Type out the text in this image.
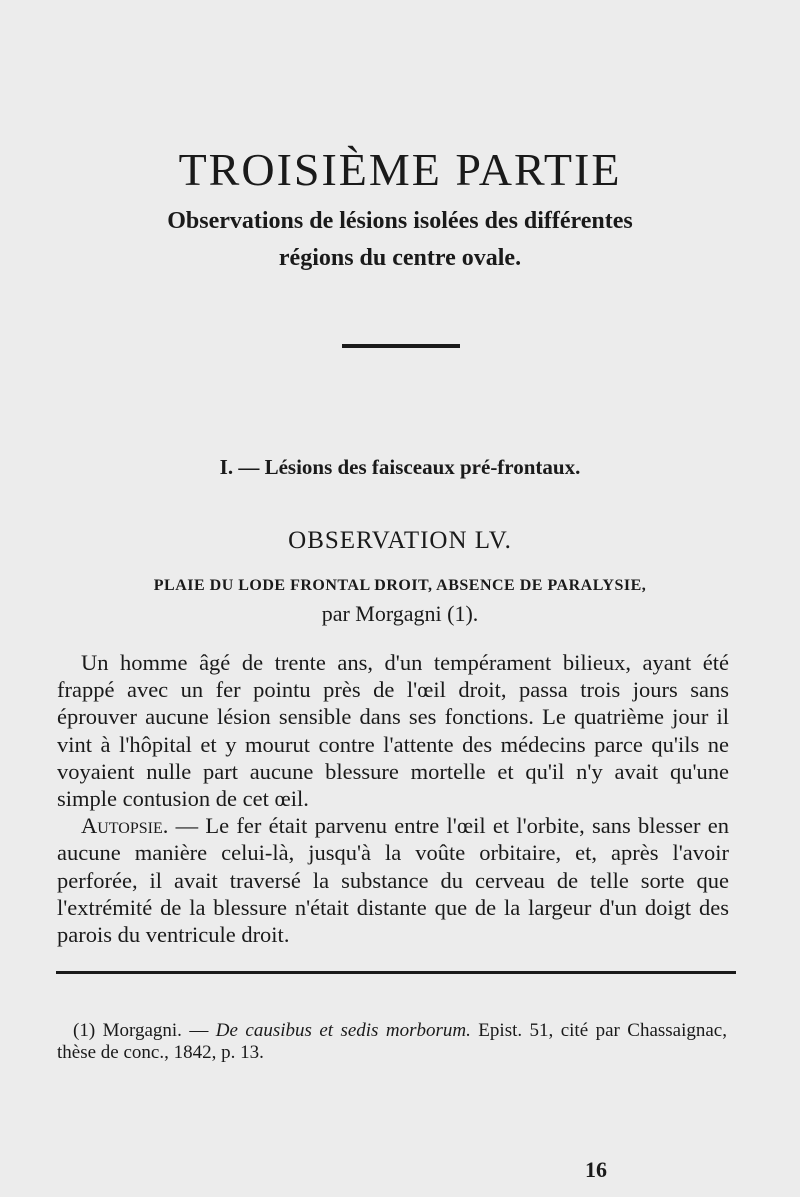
TROISIÈME PARTIE
Observations de lésions isolées des différentes
régions du centre ovale.
I. — Lésions des faisceaux pré-frontaux.
OBSERVATION LV.
PLAIE DU LODE FRONTAL DROIT, ABSENCE DE PARALYSIE,
par Morgagni (1).

Un homme âgé de trente ans, d'un tempérament bilieux, ayant été frappé avec un fer pointu près de l'œil droit, passa trois jours sans éprouver aucune lésion sensible dans ses fonctions. Le quatrième jour il vint à l'hôpital et y mourut contre l'attente des médecins parce qu'ils ne voyaient nulle part aucune blessure mortelle et qu'il n'y avait qu'une simple contusion de cet œil.

Autopsie. — Le fer était parvenu entre l'œil et l'orbite, sans blesser en aucune manière celui-là, jusqu'à la voûte orbitaire, et, après l'avoir perforée, il avait traversé la substance du cerveau de telle sorte que l'extrémité de la blessure n'était distante que de la largeur d'un doigt des parois du ventricule droit.

(1) Morgagni. — De causibus et sedis morborum. Epist. 51, cité par Chassaignac, thèse de conc., 1842, p. 13.

16
